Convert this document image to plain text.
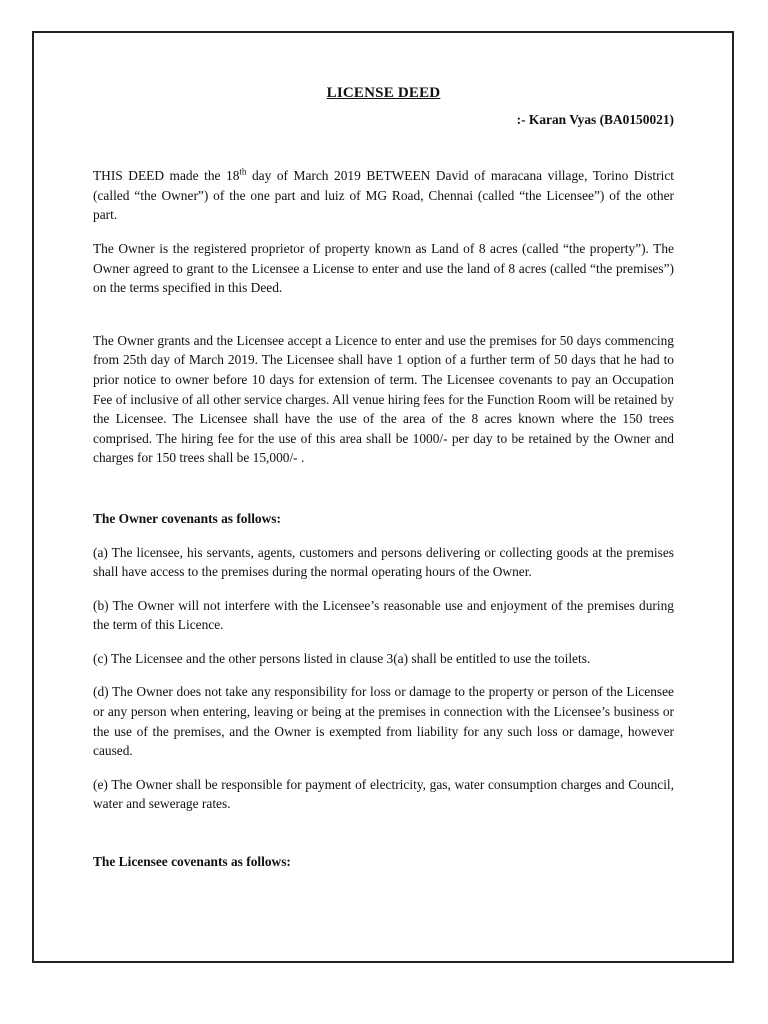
LICENSE DEED
:- Karan Vyas (BA0150021)

THIS DEED made the 18th day of March 2019 BETWEEN David of maracana village, Torino District (called “the Owner”) of the one part and luiz of MG Road, Chennai (called “the Licensee”) of the other part.

The Owner is the registered proprietor of property known as Land of 8 acres (called “the property”). The Owner agreed to grant to the Licensee a License to enter and use the land of 8 acres (called “the premises”) on the terms specified in this Deed.

The Owner grants and the Licensee accept a Licence to enter and use the premises for 50 days commencing from 25th day of March 2019. The Licensee shall have 1 option of a further term of 50 days that he had to prior notice to owner before 10 days for extension of term. The Licensee covenants to pay an Occupation Fee of inclusive of all other service charges. All venue hiring fees for the Function Room will be retained by the Licensee. The Licensee shall have the use of the area of the 8 acres known where the 150 trees comprised. The hiring fee for the use of this area shall be 1000/- per day to be retained by the Owner and charges for 150 trees shall be 15,000/- .

The Owner covenants as follows:

(a) The licensee, his servants, agents, customers and persons delivering or collecting goods at the premises shall have access to the premises during the normal operating hours of the Owner.

(b) The Owner will not interfere with the Licensee’s reasonable use and enjoyment of the premises during the term of this Licence.

(c) The Licensee and the other persons listed in clause 3(a) shall be entitled to use the toilets.

(d) The Owner does not take any responsibility for loss or damage to the property or person of the Licensee or any person when entering, leaving or being at the premises in connection with the Licensee’s business or the use of the premises, and the Owner is exempted from liability for any such loss or damage, however caused.

(e) The Owner shall be responsible for payment of electricity, gas, water consumption charges and Council, water and sewerage rates.

The Licensee covenants as follows:
